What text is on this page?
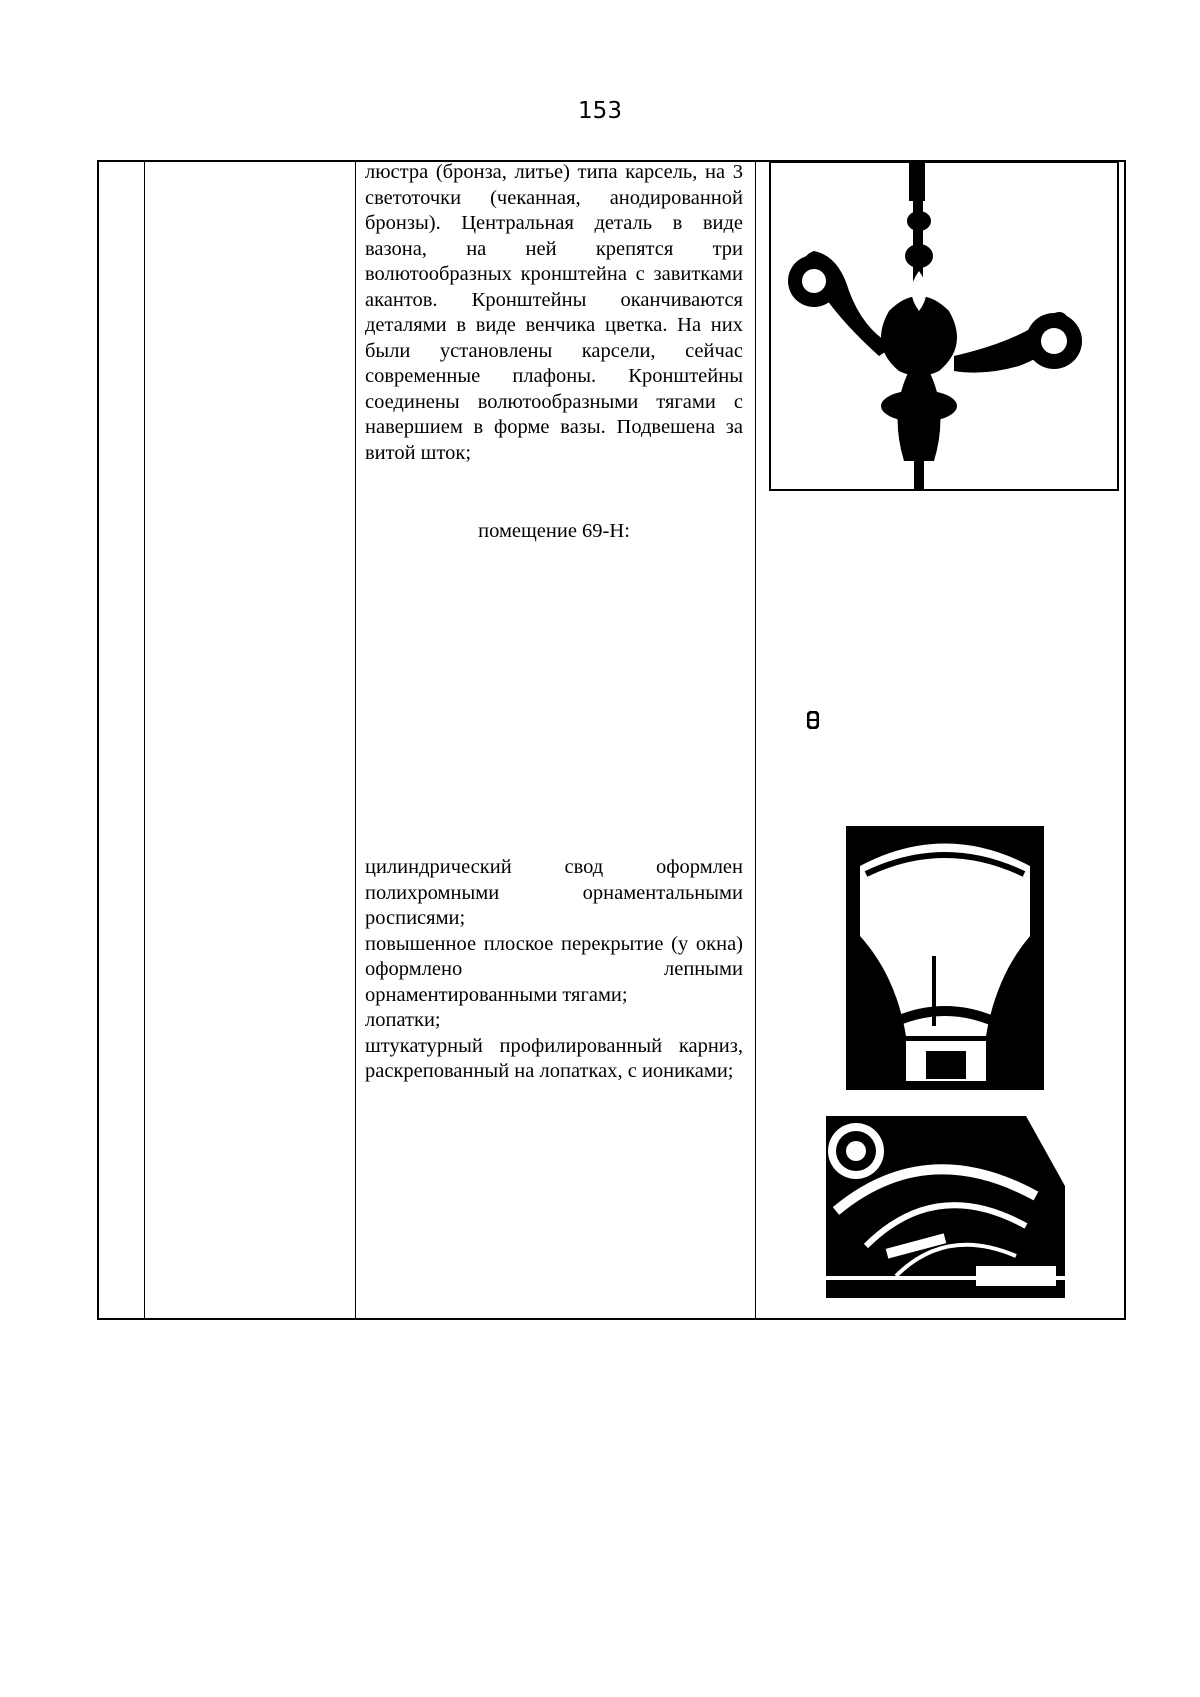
153

люстра (бронза, литье) типа карсель, на 3 светоточки (чеканная, анодированной бронзы). Центральная деталь в виде вазона, на ней крепятся три волютообразных кронштейна с завитками акантов. Кронштейны оканчиваются деталями в виде венчика цветка. На них были установлены карсели, сейчас современные плафоны. Кронштейны соединены волютообразными тягами с навершием в форме вазы. Подвешена за витой шток;

помещение 69-Н:

цилиндрический свод оформлен полихромными орнаментальными росписями;

повышенное плоское перекрытие (у окна) оформлено лепными орнаментированными тягами;

лопатки;

штукатурный профилированный карниз, раскрепованный на лопатках, с иониками;
